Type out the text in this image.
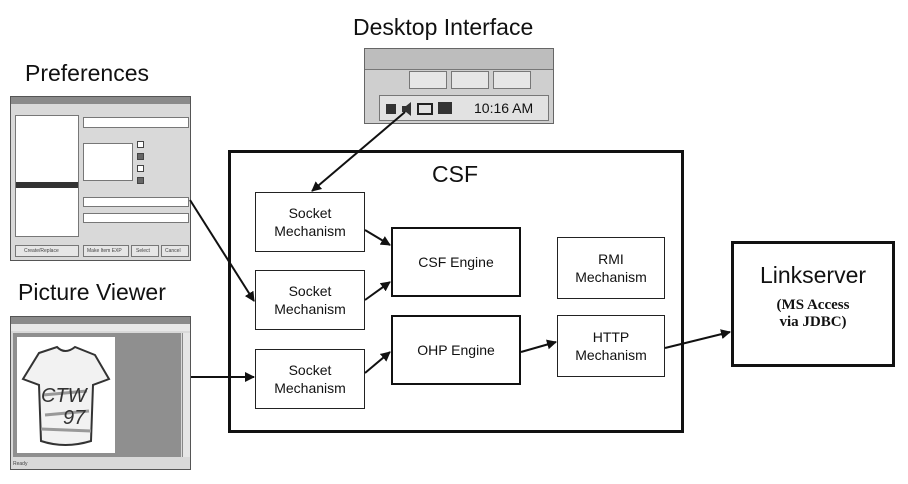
10:16 AM
Desktop Interface
Preferences
Create/Replace	Make Item EXP	Select	Cancel
Picture Viewer
CTW
97
Ready
CSF
Socket
Mechanism
Socket
Mechanism
Socket
Mechanism
CSF Engine
OHP Engine
RMI
Mechanism
HTTP
Mechanism
Linkserver
(MS Access
via JDBC)
